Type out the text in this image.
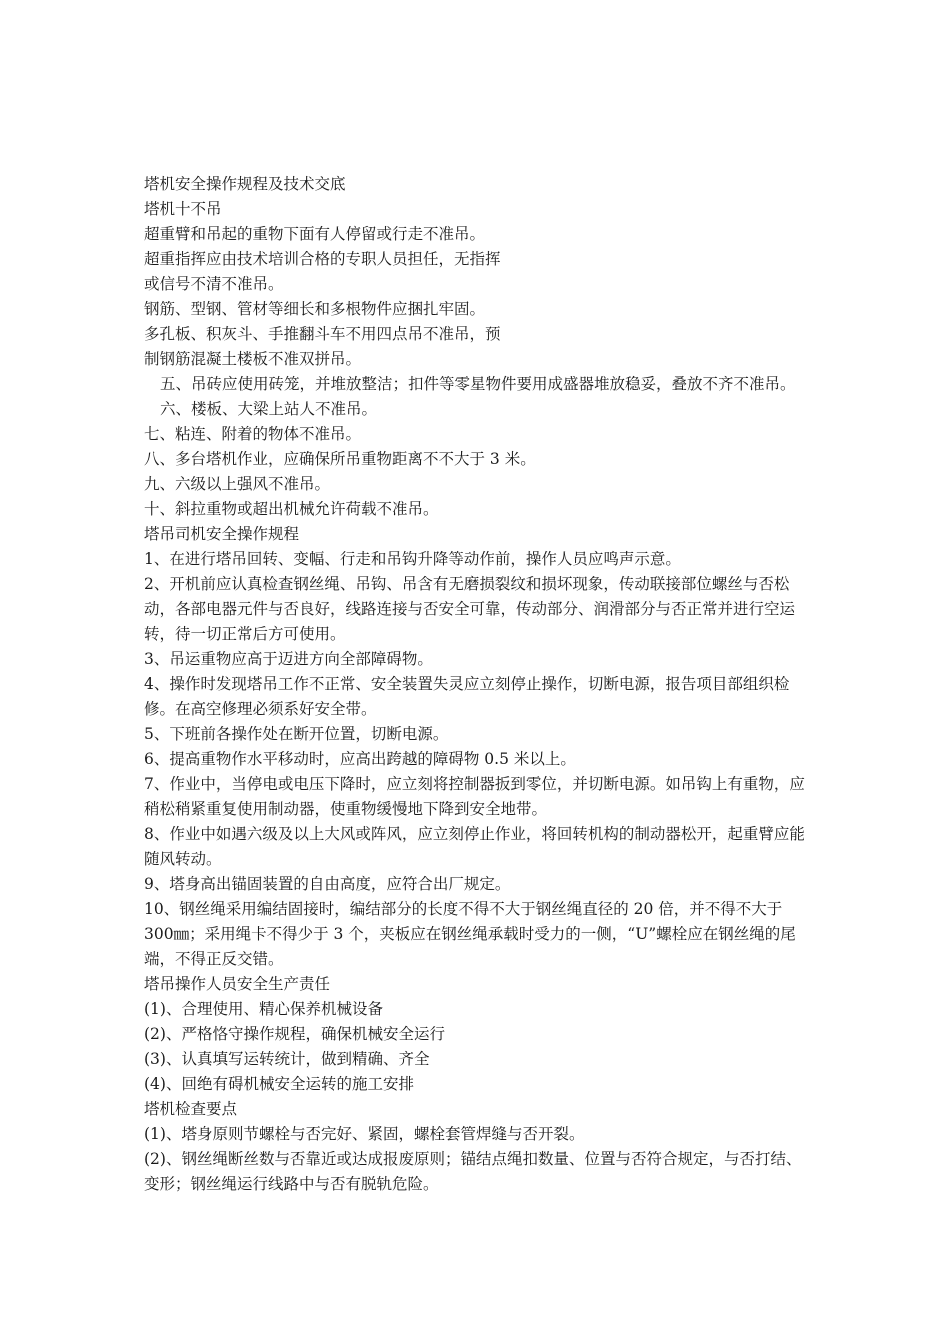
塔机安全操作规程及技术交底

塔机十不吊

超重臂和吊起的重物下面有人停留或行走不准吊。

超重指挥应由技术培训合格的专职人员担任，无指挥

或信号不清不准吊。

钢筋、型钢、管材等细长和多根物件应捆扎牢固。

多孔板、积灰斗、手推翻斗车不用四点吊不准吊，预

制钢筋混凝土楼板不准双拼吊。

五、吊砖应使用砖笼，并堆放整洁；扣件等零星物件要用成盛器堆放稳妥，叠放不齐不准吊。

六、楼板、大梁上站人不准吊。

七、粘连、附着的物体不准吊。

八、多台塔机作业，应确保所吊重物距离不不大于 3 米。

九、六级以上强风不准吊。

十、斜拉重物或超出机械允许荷载不准吊。

塔吊司机安全操作规程

1、在进行塔吊回转、变幅、行走和吊钩升降等动作前，操作人员应鸣声示意。

2、开机前应认真检查钢丝绳、吊钩、吊含有无磨损裂纹和损坏现象，传动联接部位螺丝与否松动，各部电器元件与否良好，线路连接与否安全可靠，传动部分、润滑部分与否正常并进行空运转，待一切正常后方可使用。

3、吊运重物应高于迈进方向全部障碍物。

4、操作时发现塔吊工作不正常、安全装置失灵应立刻停止操作，切断电源，报告项目部组织检修。在高空修理必须系好安全带。

5、下班前各操作处在断开位置，切断电源。

6、提高重物作水平移动时，应高出跨越的障碍物 0.5 米以上。

7、作业中，当停电或电压下降时，应立刻将控制器扳到零位，并切断电源。如吊钩上有重物，应稍松稍紧重复使用制动器，使重物缓慢地下降到安全地带。

8、作业中如遇六级及以上大风或阵风，应立刻停止作业，将回转机构的制动器松开，起重臂应能随风转动。

9、塔身高出锚固装置的自由高度，应符合出厂规定。

10、钢丝绳采用编结固接时，编结部分的长度不得不大于钢丝绳直径的 20 倍，并不得不大于 300㎜；采用绳卡不得少于 3 个，夹板应在钢丝绳承载时受力的一侧，“U”螺栓应在钢丝绳的尾端，不得正反交错。

塔吊操作人员安全生产责任

(1)、合理使用、精心保养机械设备

(2)、严格恪守操作规程，确保机械安全运行

(3)、认真填写运转统计，做到精确、齐全

(4)、回绝有碍机械安全运转的施工安排

塔机检查要点

(1)、塔身原则节螺栓与否完好、紧固，螺栓套管焊缝与否开裂。

(2)、钢丝绳断丝数与否靠近或达成报废原则；锚结点绳扣数量、位置与否符合规定，与否打结、变形；钢丝绳运行线路中与否有脱轨危险。
